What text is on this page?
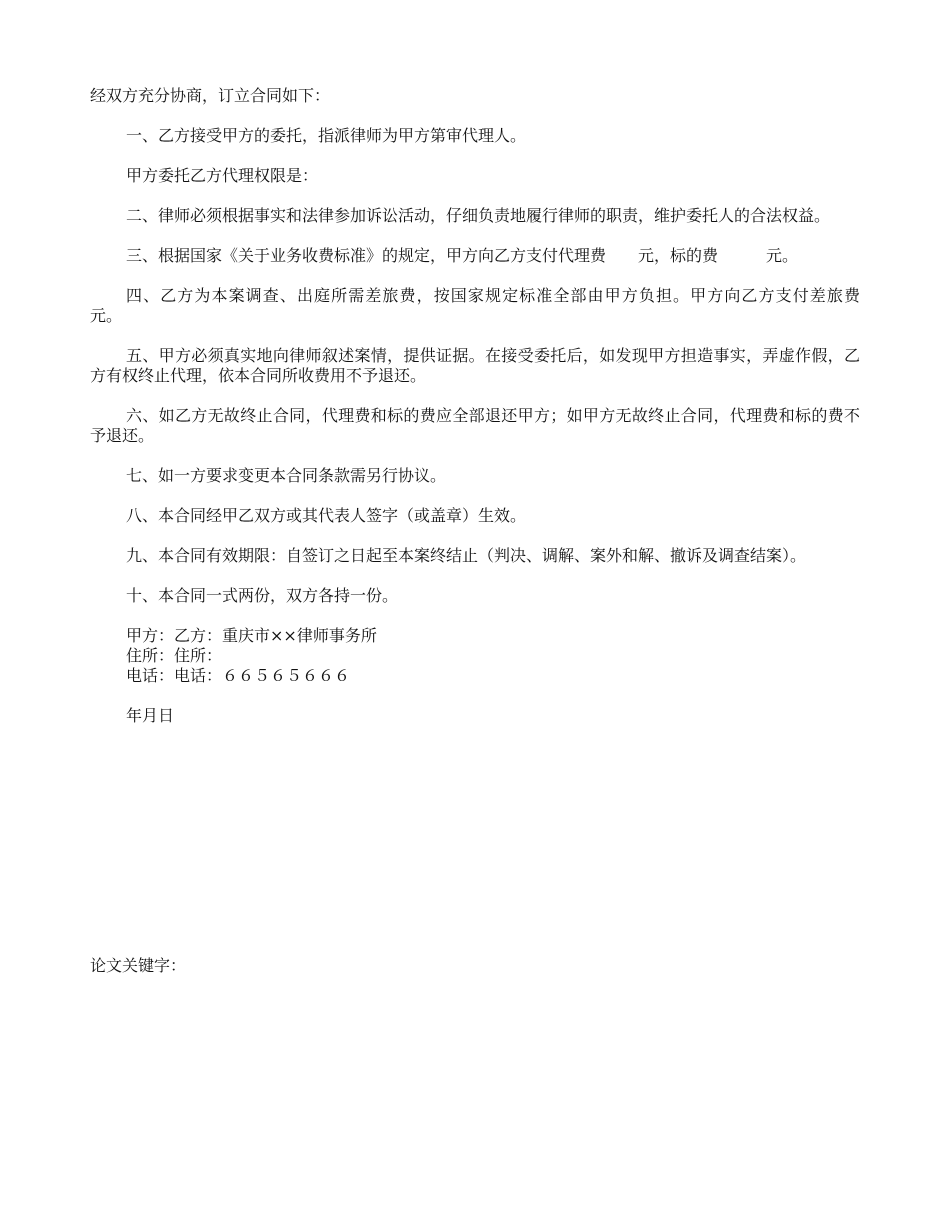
经双方充分协商，订立合同如下：

一、乙方接受甲方的委托，指派律师为甲方第审代理人。

甲方委托乙方代理权限是：

二、律师必须根据事实和法律参加诉讼活动，仔细负责地履行律师的职责，维护委托人的合法权益。

三、根据国家《关于业务收费标准》的规定，甲方向乙方支付代理费　　元，标的费　　　元。

四、乙方为本案调查、出庭所需差旅费，按国家规定标准全部由甲方负担。甲方向乙方支付差旅费　　元。

五、甲方必须真实地向律师叙述案情，提供证据。在接受委托后，如发现甲方担造事实，弄虚作假，乙方有权终止代理，依本合同所收费用不予退还。

六、如乙方无故终止合同，代理费和标的费应全部退还甲方；如甲方无故终止合同，代理费和标的费不予退还。

七、如一方要求变更本合同条款需另行协议。

八、本合同经甲乙双方或其代表人签字（或盖章）生效。

九、本合同有效期限：自签订之日起至本案终结止（判决、调解、案外和解、撤诉及调查结案）。

十、本合同一式两份，双方各持一份。

甲方：乙方：重庆市××律师事务所
住所：住所：
电话：电话：６６５６５６６６

年月日

论文关键字：
